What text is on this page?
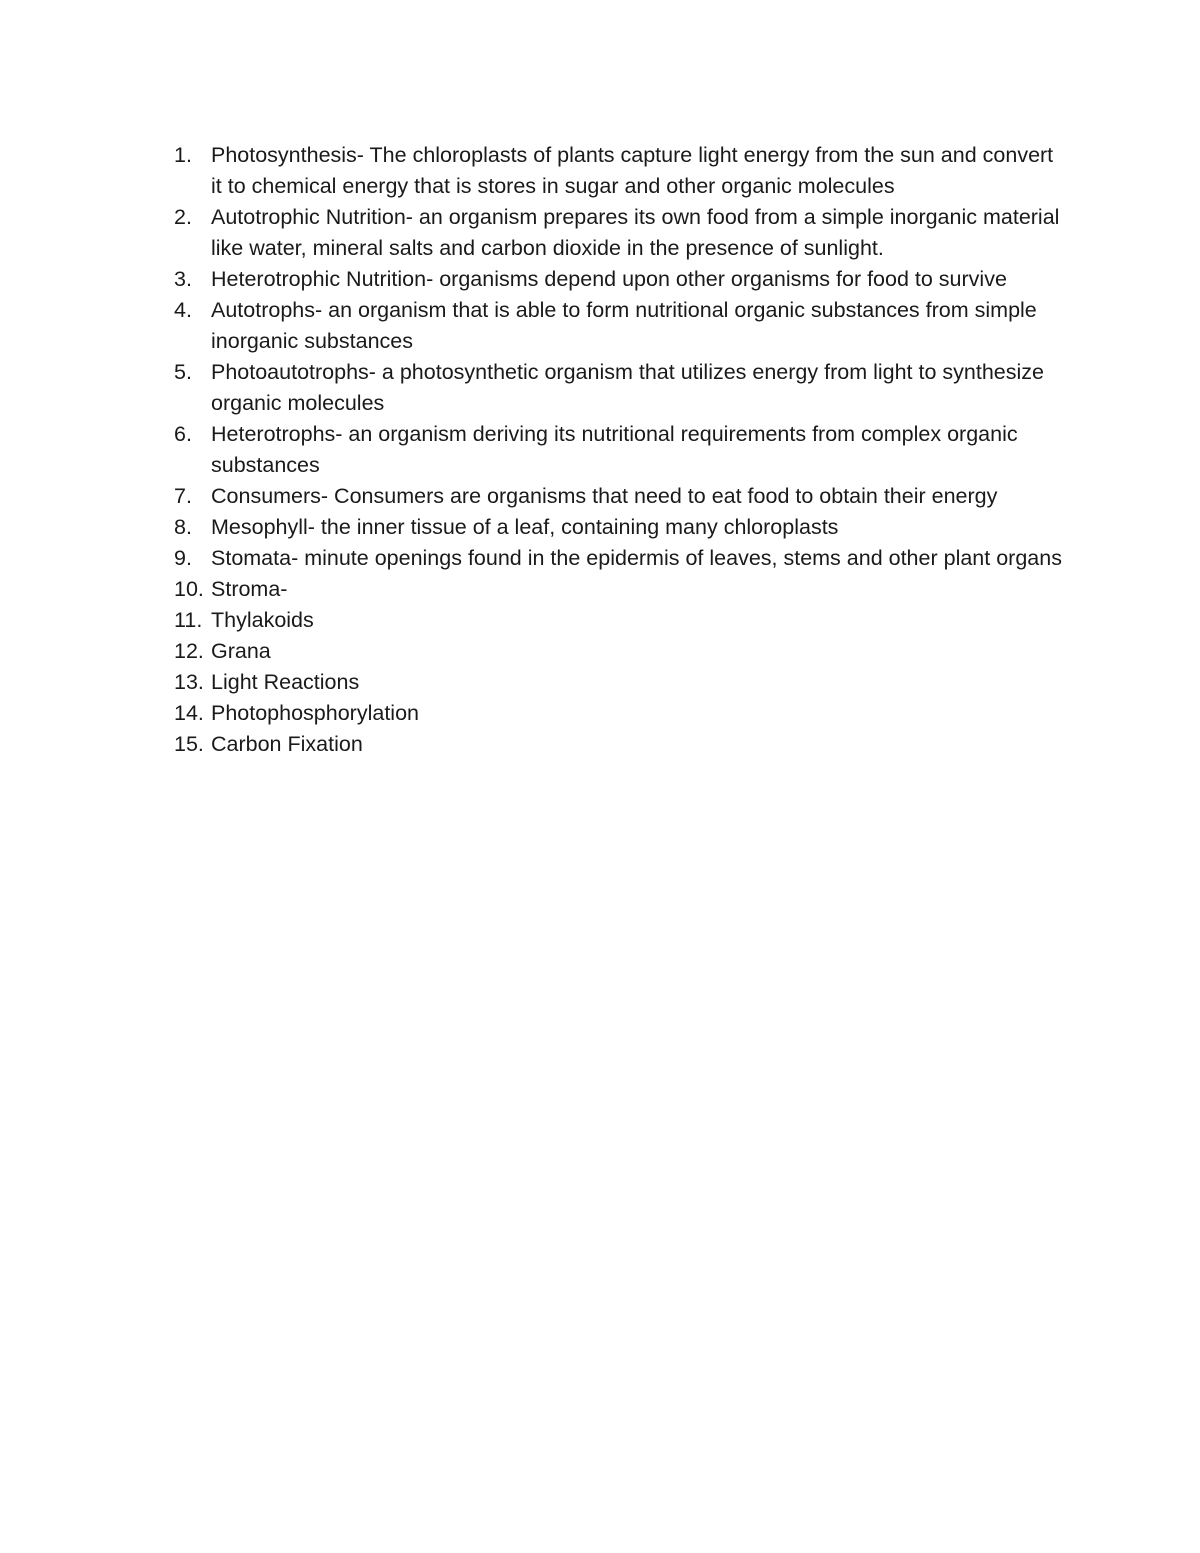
1. Photosynthesis- The chloroplasts of plants capture light energy from the sun and convert it to chemical energy that is stores in sugar and other organic molecules
2. Autotrophic Nutrition- an organism prepares its own food from a simple inorganic material like water, mineral salts and carbon dioxide in the presence of sunlight.
3. Heterotrophic Nutrition- organisms depend upon other organisms for food to survive
4. Autotrophs- an organism that is able to form nutritional organic substances from simple inorganic substances
5. Photoautotrophs- a photosynthetic organism that utilizes energy from light to synthesize organic molecules
6. Heterotrophs- an organism deriving its nutritional requirements from complex organic substances
7. Consumers- Consumers are organisms that need to eat food to obtain their energy
8. Mesophyll- the inner tissue of a leaf, containing many chloroplasts
9. Stomata- minute openings found in the epidermis of leaves, stems and other plant organs
10. Stroma-
11. Thylakoids
12. Grana
13. Light Reactions
14. Photophosphorylation
15. Carbon Fixation
